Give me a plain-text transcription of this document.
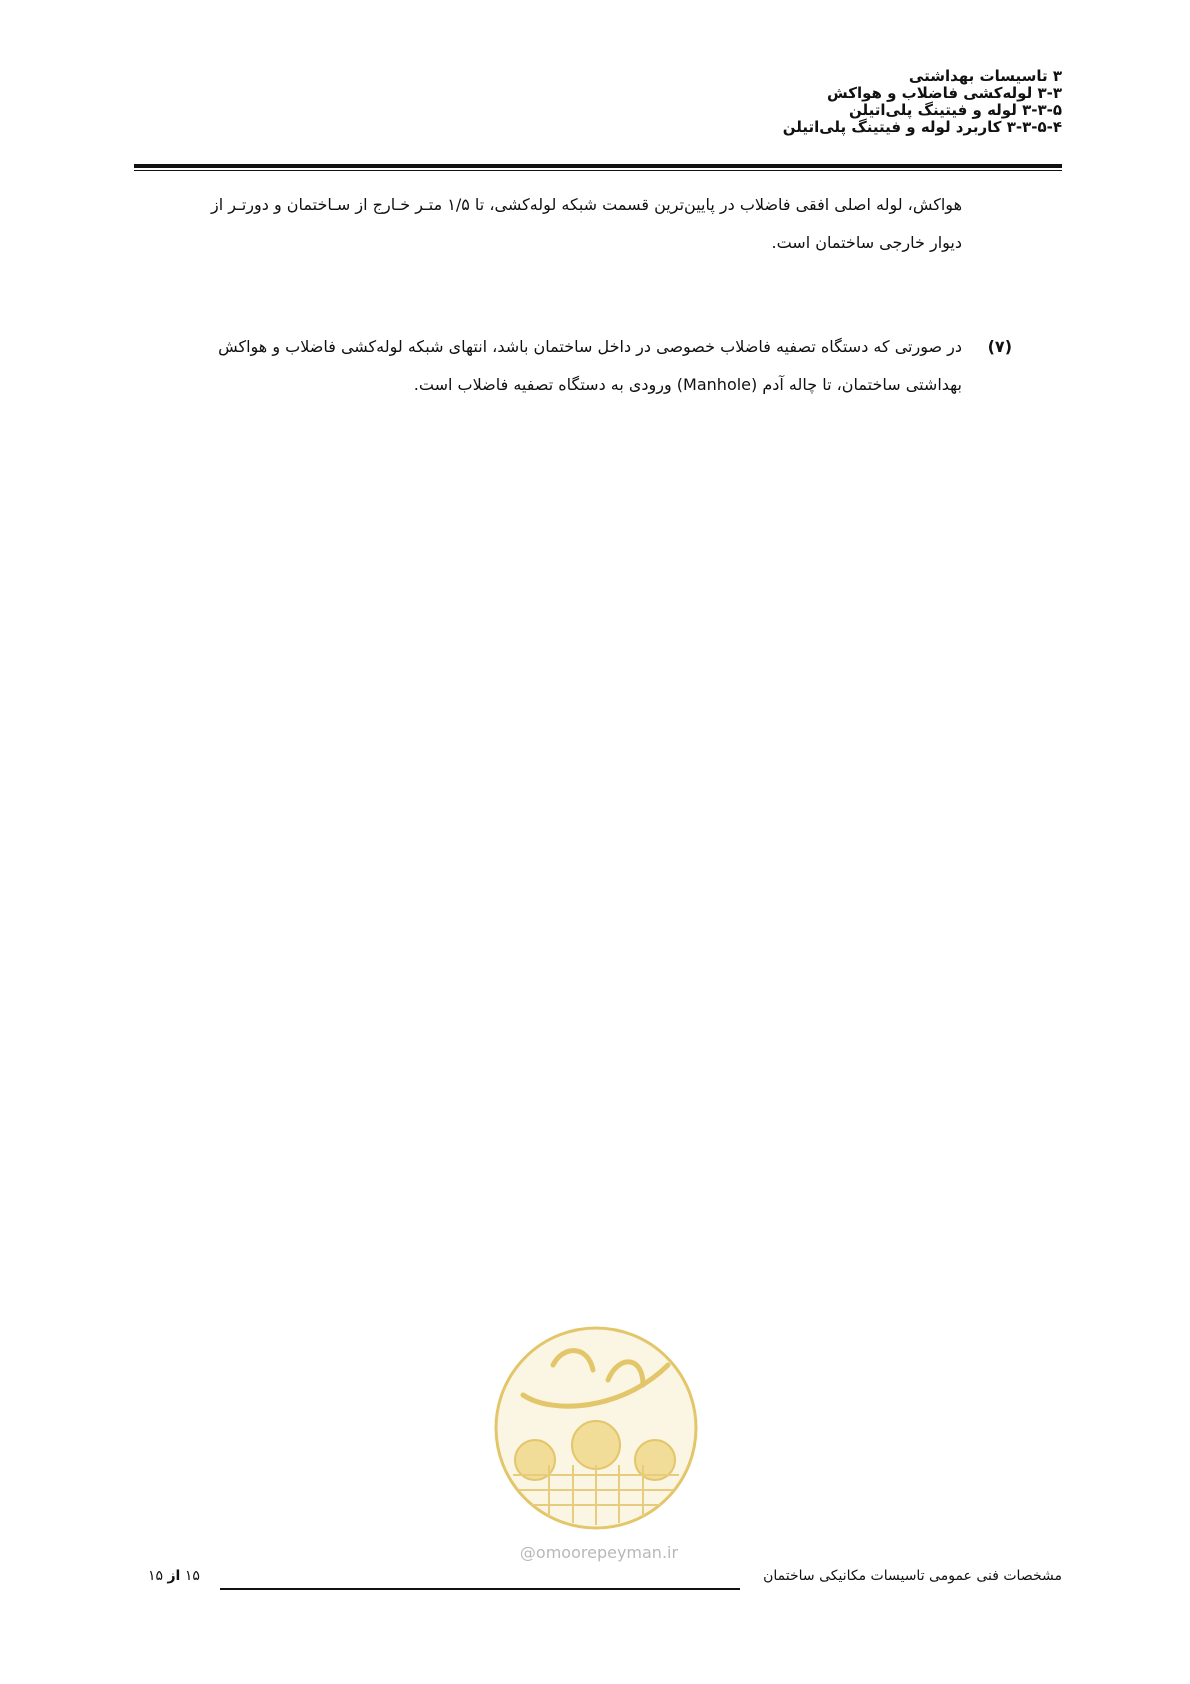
۳ تاسیسات بهداشتی
۳-۳ لوله‌کشی فاضلاب و هواکش
۳-۳-۵ لوله و فیتینگ پلی‌اتیلن
۳-۳-۵-۴ کاربرد لوله و فیتینگ پلی‌اتیلن
هواکش، لوله اصلی افقی فاضلاب در پایین‌ترین قسمت شبکه لوله‌کشی، تا ۱/۵ متـر خـارج از سـاختمان و دورتـر از
دیوار خارجی ساختمان است.
(۷)
در صورتی که دستگاه تصفیه فاضلاب خصوصی در داخل ساختمان باشد، انتهای شبکه لوله‌کشی فاضلاب و هواکش
بهداشتی ساختمان، تا چاله آدم (Manhole) ورودی به دستگاه تصفیه فاضلاب است.
@omoorepeyman.ir
مشخصات فنی عمومی تاسیسات مکانیکی ساختمان
۱۵ از ۱۵
